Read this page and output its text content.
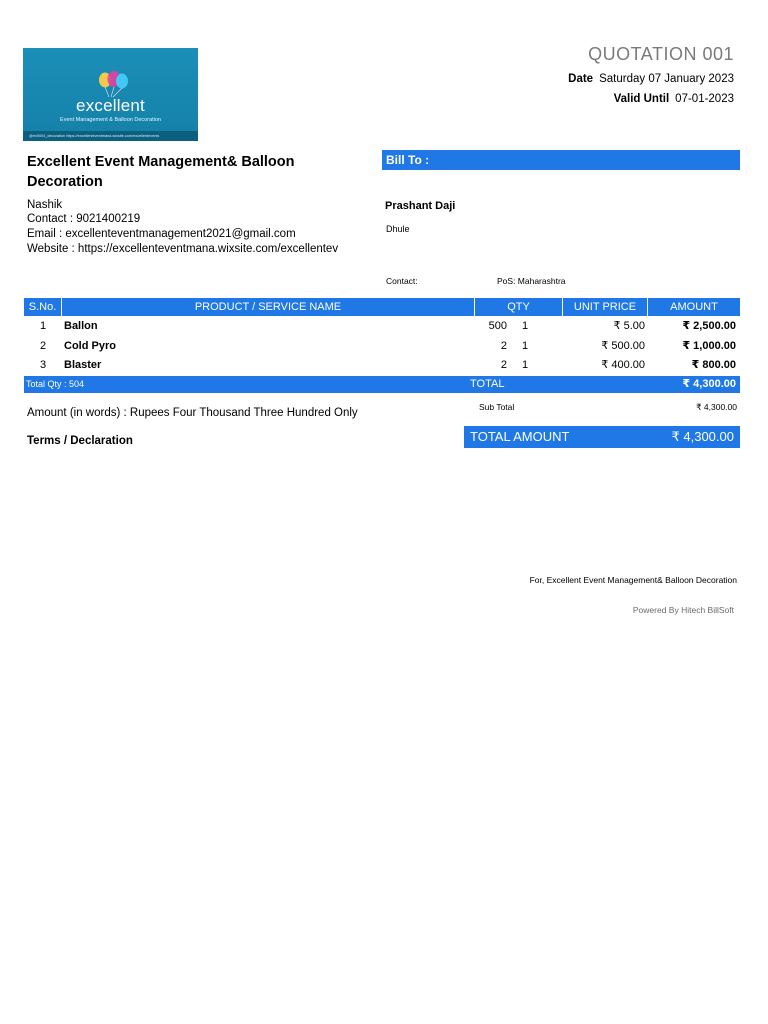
excellent
Event Management & Balloon Decoration
@ex0004_decoration https://excellenteventmana.wixsite.com/excellentevents
QUOTATION 001
Date Saturday 07 January 2023
Valid Until 07-01-2023
Excellent Event Management& Balloon Decoration
Nashik
Contact : 9021400219
Email : excellenteventmanagement2021@gmail.com
Website : https://excellenteventmana.wixsite.com/excellentev
Bill To :
Prashant Daji
Dhule
Contact:	PoS: Maharashtra
S.No.	PRODUCT / SERVICE NAME	QTY	UNIT PRICE	AMOUNT
1 Ballon	500 1	₹ 5.00	₹ 2,500.00
2 Cold Pyro	2 1	₹ 500.00	₹ 1,000.00
3 Blaster	2 1	₹ 400.00	₹ 800.00
Total Qty : 504	TOTAL	₹ 4,300.00
Amount (in words) : Rupees Four Thousand Three Hundred Only
Terms / Declaration
Sub Total	₹ 4,300.00
TOTAL AMOUNT	₹ 4,300.00
For, Excellent Event Management& Balloon Decoration
Powered By Hitech BillSoft
